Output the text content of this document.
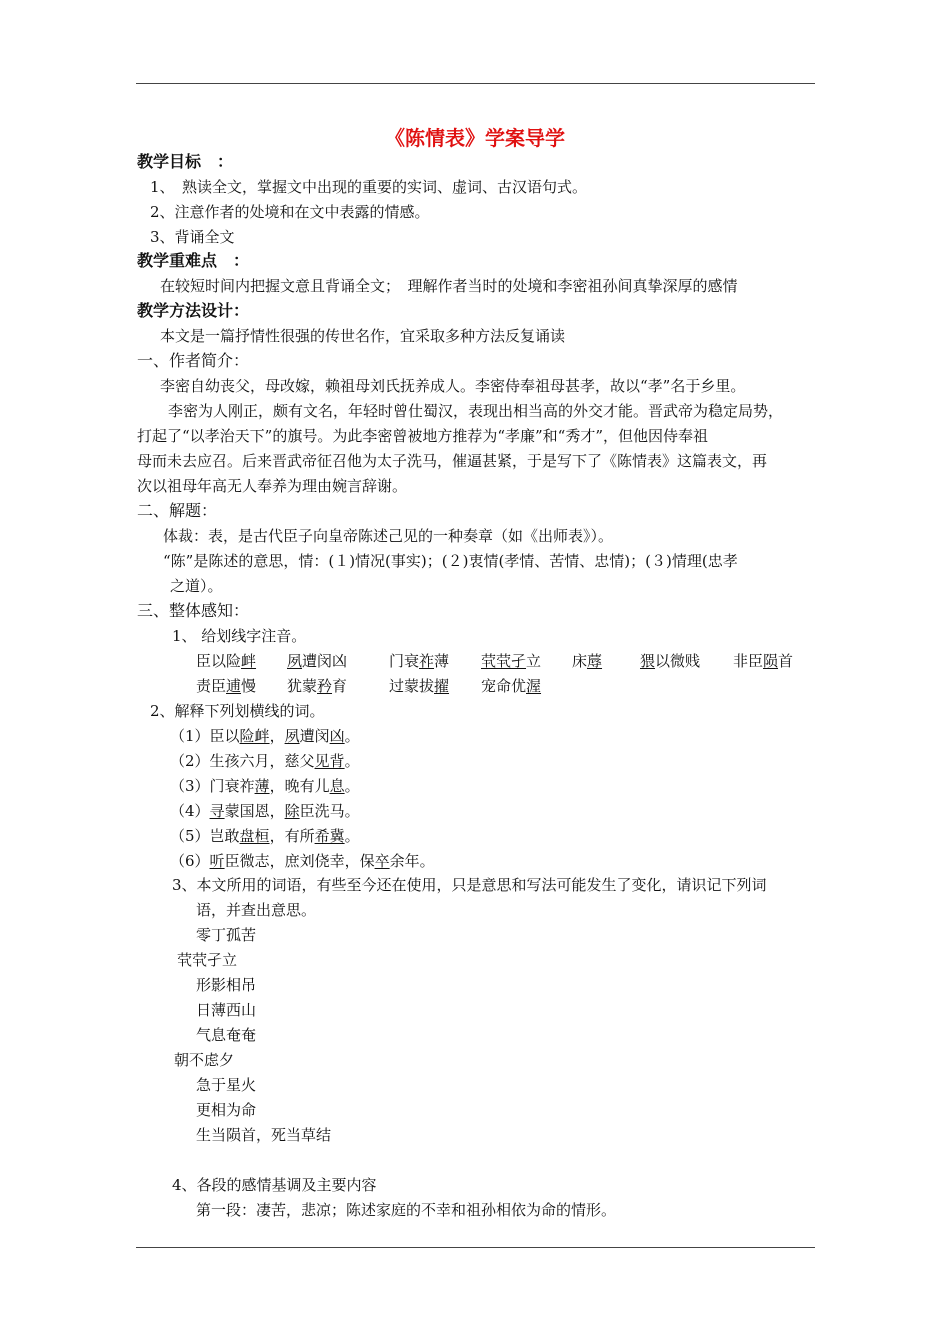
《陈情表》学案导学
教学目标　：
1、　熟读全文，掌握文中出现的重要的实词、虚词、古汉语句式。
2、注意作者的处境和在文中表露的情感。
3、背诵全文
教学重难点　：
在较短时间内把握文意且背诵全文；　理解作者当时的处境和李密祖孙间真挚深厚的感情
教学方法设计：
本文是一篇抒情性很强的传世名作，宜采取多种方法反复诵读
一、作者简介：
李密自幼丧父，母改嫁，赖祖母刘氏抚养成人。李密侍奉祖母甚孝，故以“孝”名于乡里。
李密为人刚正，颇有文名，年轻时曾仕蜀汉，表现出相当高的外交才能。晋武帝为稳定局势，
打起了“以孝治天下”的旗号。为此李密曾被地方推荐为“孝廉”和“秀才”，但他因侍奉祖
母而未去应召。后来晋武帝征召他为太子洗马，催逼甚紧，于是写下了《陈情表》这篇表文，再
次以祖母年高无人奉养为理由婉言辞谢。
二、解题：
体裁：表，是古代臣子向皇帝陈述己见的一种奏章（如《出师表》）。
“陈”是陈述的意思，情：(１)情况(事实)；(２)衷情(孝情、苦情、忠情)；(３)情理(忠孝
之道）。
三、整体感知：
1、 给划线字注音。
臣以险衅 夙遭闵凶	门衰祚薄 茕茕孑立 床蓐	猥以微贱 非臣陨首
责臣逋慢 犹蒙矜育	过蒙拔擢 宠命优渥
2、解释下列划横线的词。
（1）臣以险衅，夙遭闵凶。
（2）生孩六月，慈父见背。
（3）门衰祚薄，晚有儿息。
（4）寻蒙国恩，除臣洗马。
（5）岂敢盘桓，有所希冀。
（6）听臣微志，庶刘侥幸，保卒余年。
3、本文所用的词语，有些至今还在使用，只是意思和写法可能发生了变化，请识记下列词
语，并查出意思。
零丁孤苦
茕茕孑立
形影相吊
日薄西山
气息奄奄
朝不虑夕
急于星火
更相为命
生当陨首，死当草结
4、各段的感情基调及主要内容
第一段：凄苦，悲凉；陈述家庭的不幸和祖孙相依为命的情形。
